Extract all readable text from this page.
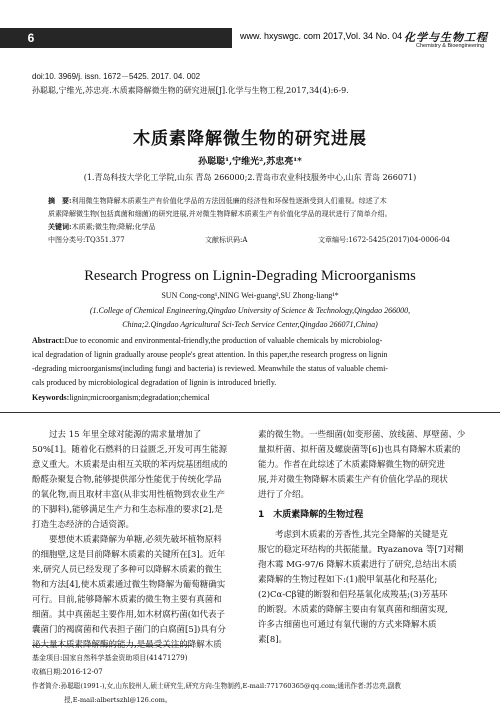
6	www. hxyswgc. com 2017,Vol. 34 No. 04 化学与生物工程
Chemistry & Bioengineering
doi:10. 3969/j. issn. 1672－5425. 2017. 04. 002
孙聪聪,宁维光,苏忠亮.木质素降解微生物的研究进展[J].化学与生物工程,2017,34(4):6-9.
木质素降解微生物的研究进展
孙聪聪¹,宁维光²,苏忠亮¹*
(1.青岛科技大学化工学院,山东 青岛 266000;2.青岛市农业科技服务中心,山东 青岛 266071)
摘　要:利用微生物降解木质素生产有价值化学品的方法因低廉的经济性和环保性逐渐受到人们重视。综述了木
质素降解微生物(包括真菌和细菌)的研究进展,并对微生物降解木质素生产有价值化学品的现状进行了简单介绍。
关键词:木质素;微生物;降解;化学品
中图分类号:TQ351.377	文献标识码:A	文章编号:1672-5425(2017)04-0006-04
Research Progress on Lignin-Degrading Microorganisms
SUN Cong-cong¹,NING Wei-guang²,SU Zhong-liang¹*
(1.College of Chemical Engineering,Qingdao University of Science & Technology,Qingdao 266000,
China;2.Qingdao Agricultural Sci-Tech Service Center,Qingdao 266071,China)
Abstract:Due to economic and environmental-friendly,the production of valuable chemicals by microbiolog-
ical degradation of lignin gradually arouse people's great attention. In this paper,the research progress on lignin
-degrading microorganisms(including fungi and bacteria) is reviewed. Meanwhile the status of valuable chemi-
cals produced by microbiological degradation of lignin is introduced briefly.
Keywords:lignin;microorganism;degradation;chemical
　　过去 15 年里全球对能源的需求量增加了
50%[1]。随着化石燃料的日益匮乏,开发可再生能源
意义重大。木质素是由相互关联的苯丙烷基团组成的
酚醛杂聚复合物,能够提供部分性能优于传统化学品
的氧化物,而且取材丰富(从非实用性植物到农业生产
的下脚料),能够满足生产力和生态标准的要求[2],是
打造生态经济的合适资源。
　　要想使木质素降解为单糖,必须先破坏植物原料
的细胞壁,这是目前降解木质素的关键所在[3]。近年
来,研究人员已经发现了多种可以降解木质素的微生
物和方法[4],使木质素通过微生物降解为葡萄糖确实
可行。目前,能够降解木质素的微生物主要有真菌和
细菌。其中真菌起主要作用,如木材腐朽菌(如代表子
囊菌门的褐腐菌和代表担子菌门的白腐菌[5])具有分
泌大量木质素降解酶的能力,是最受关注的降解木质
素的微生物。一些细菌(如变形菌、放线菌、厚壁菌、少
量拟杆菌、拟杆菌及螺旋菌等[6])也具有降解木质素的
能力。作者在此综述了木质素降解微生物的研究进
展,并对微生物降解木质素生产有价值化学品的现状
进行了介绍。
1　木质素降解的生物过程
　　考虑到木质素的芳香性,其完全降解的关键是克
服它的稳定环结构的共振能量。Ryazanova 等[7]对糊
孢木霉 MG-97/6 降解木质素进行了研究,总结出木质
素降解的生物过程如下:(1)脱甲氧基化和羟基化;
(2)Cα-Cβ键的断裂和侣羟基氧化成羧基;(3)芳基环
的断裂。木质素的降解主要由有氧真菌和细菌实现,
许多古细菌也可通过有氧代谢的方式来降解木质
素[8]。
基金项目:国家自然科学基金资助项目(41471279)
收稿日期:2016-12-07
作者简介:孙聪聪(1991-),女,山东胶州人,硕士研究生,研究方向:生物制药,E-mail:771760365@qq.com;通讯作者:苏忠亮,副教
授,E-mail:albertszhl@126.com。
